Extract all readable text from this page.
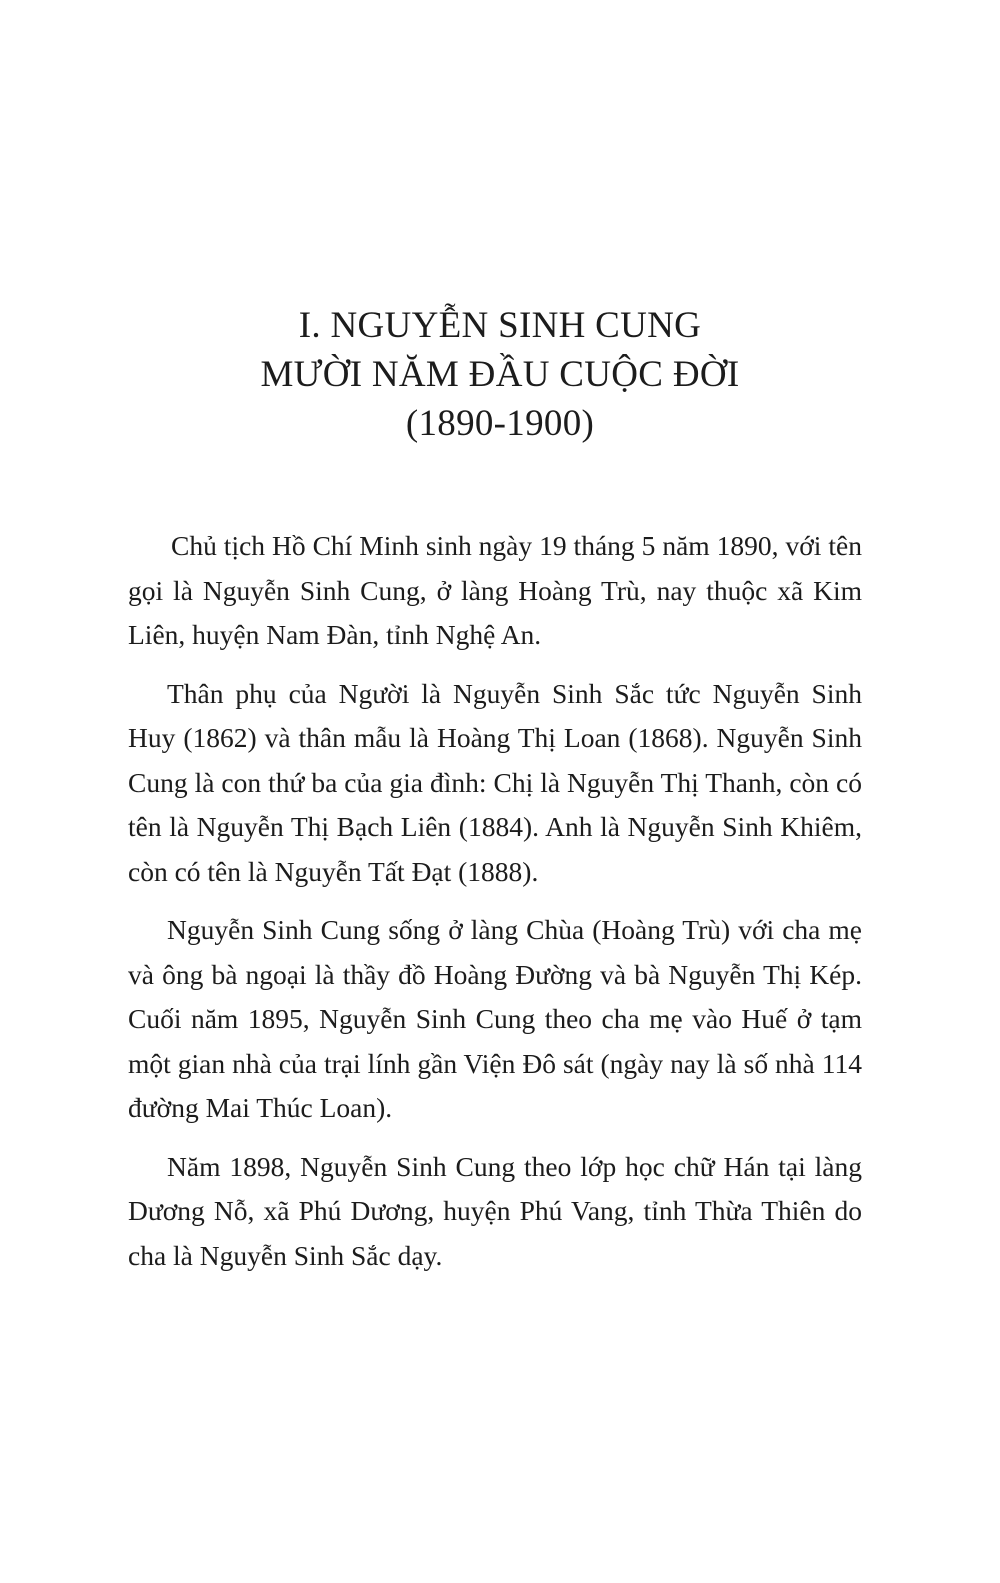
I. NGUYỄN SINH CUNG
MƯỜI NĂM ĐẦU CUỘC ĐỜI
(1890-1900)

Chủ tịch Hồ Chí Minh sinh ngày 19 tháng 5 năm 1890, với tên gọi là Nguyễn Sinh Cung, ở làng Hoàng Trù, nay thuộc xã Kim Liên, huyện Nam Đàn, tỉnh Nghệ An.

Thân phụ của Người là Nguyễn Sinh Sắc tức Nguyễn Sinh Huy (1862) và thân mẫu là Hoàng Thị Loan (1868). Nguyễn Sinh Cung là con thứ ba của gia đình: Chị là Nguyễn Thị Thanh, còn có tên là Nguyễn Thị Bạch Liên (1884). Anh là Nguyễn Sinh Khiêm, còn có tên là Nguyễn Tất Đạt (1888).

Nguyễn Sinh Cung sống ở làng Chùa (Hoàng Trù) với cha mẹ và ông bà ngoại là thầy đồ Hoàng Đường và bà Nguyễn Thị Kép. Cuối năm 1895, Nguyễn Sinh Cung theo cha mẹ vào Huế ở tạm một gian nhà của trại lính gần Viện Đô sát (ngày nay là số nhà 114 đường Mai Thúc Loan).

Năm 1898, Nguyễn Sinh Cung theo lớp học chữ Hán tại làng Dương Nỗ, xã Phú Dương, huyện Phú Vang, tỉnh Thừa Thiên do cha là Nguyễn Sinh Sắc dạy.
